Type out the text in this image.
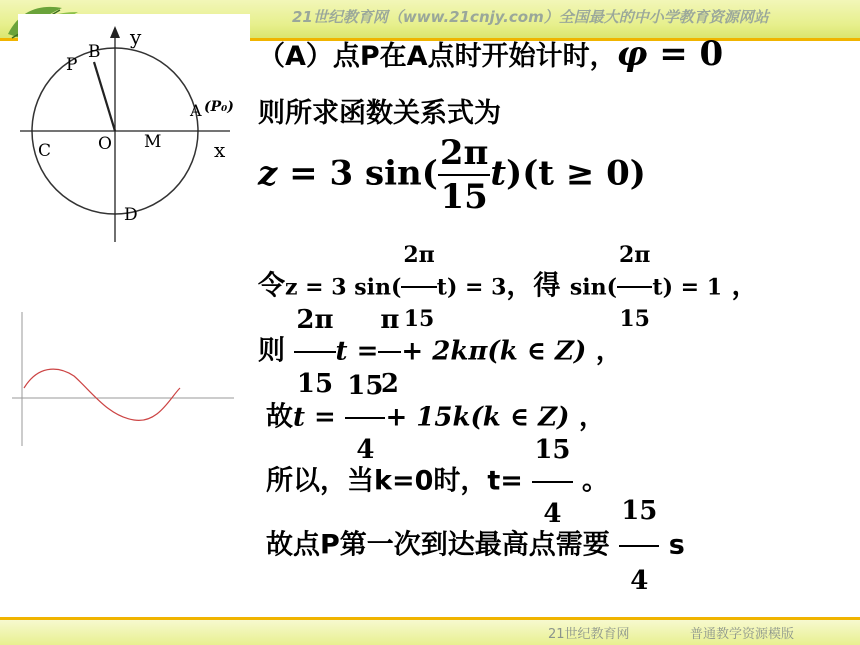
21世纪教育网（www.21cnjy.com）全国最大的中小学教育资源网站
y
x
B
P
A (P₀)
C	O M
D
（A）点P在A点时开始计时，φ = 0
则所求函数关系式为
z = 3 $\sin( \frac{2\pi}{15} t)(t \ge 0)$
令z = 3 $\sin( \frac{2\pi}{15} t) = 3$，得 $\sin( \frac{2\pi}{15} t) = 1$ ，
则 $\frac{2\pi}{15}$ $t = \frac{\pi}{2} + 2k\pi(k$ ∈ Z) ，
故$t = \frac{15}{4} + 15k(k$ ∈ Z) ，
所以，当k=0时，$t= \frac{15}{4}$ 。
故点P第一次到达最高点需要 $\frac{15}{4}$ s
21世纪教育网	普通教学资源模版
